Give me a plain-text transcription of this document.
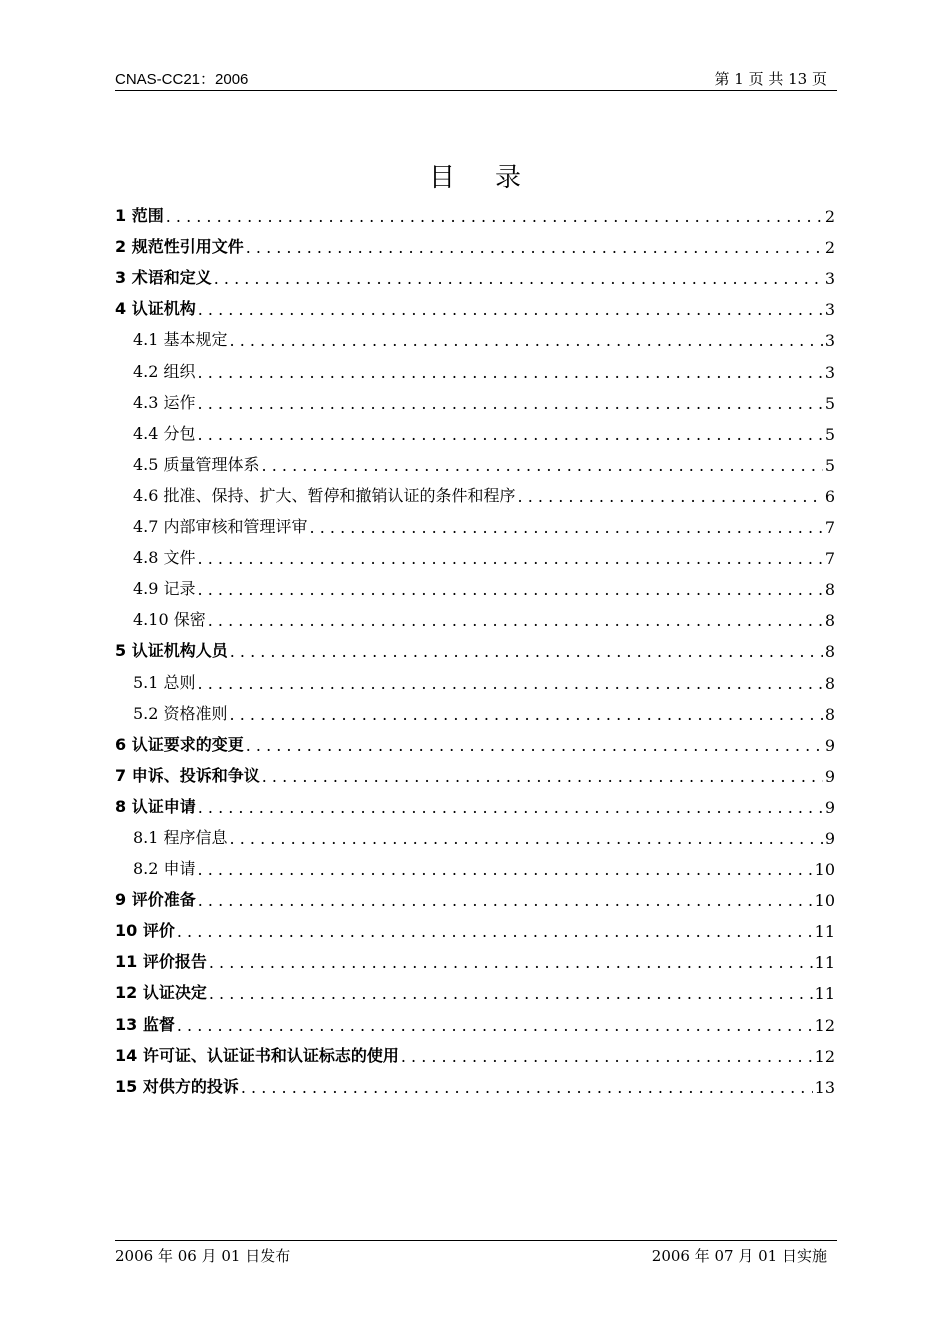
CNAS-CC21：2006	第 1 页 共 13 页
目录
1 范围 . . .	2
2 规范性引用文件 . . .	2
3 术语和定义 . . .	3
4 认证机构 . . .	3
4.1 基本规定 . . .	3
4.2 组织 . . .	3
4.3 运作 . . .	5
4.4 分包 . . .	5
4.5 质量管理体系 . . .	5
4.6 批准、保持、扩大、暂停和撤销认证的条件和程序 . . .	6
4.7 内部审核和管理评审 . . .	7
4.8 文件 . . .	7
4.9 记录 . . .	8
4.10 保密 . . .	8
5 认证机构人员 . . .	8
5.1 总则 . . .	8
5.2 资格准则 . . .	8
6 认证要求的变更 . . .	9
7 申诉、投诉和争议 . . .	9
8 认证申请 . . .	9
8.1 程序信息 . . .	9
8.2 申请 . . .	10
9 评价准备 . . .	10
10 评价 . . .	11
11 评价报告 . . .	11
12 认证决定 . . .	11
13 监督 . . .	12
14 许可证、认证证书和认证标志的使用 . . .	12
15 对供方的投诉 . . .	13
2006 年 06 月 01 日发布	2006 年 07 月 01 日实施
